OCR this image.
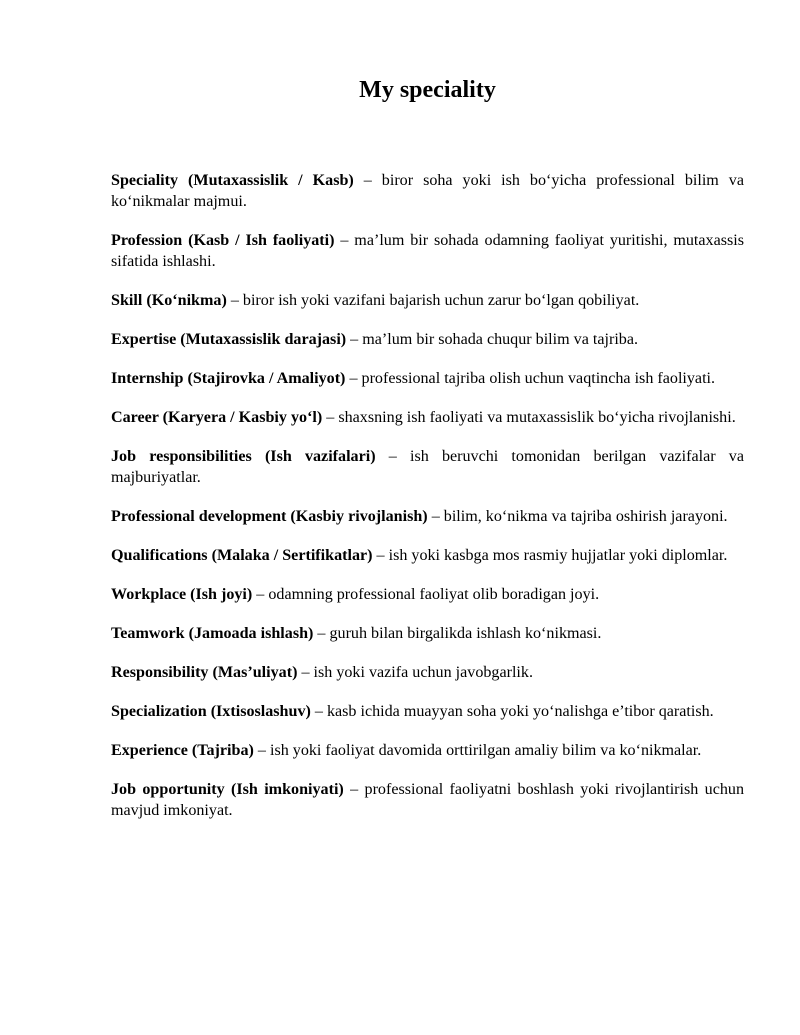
My speciality

Speciality (Mutaxassislik / Kasb) – biror soha yoki ish bo‘yicha professional bilim va ko‘nikmalar majmui.

Profession (Kasb / Ish faoliyati) – ma’lum bir sohada odamning faoliyat yuritishi, mutaxassis sifatida ishlashi.

Skill (Ko‘nikma) – biror ish yoki vazifani bajarish uchun zarur bo‘lgan qobiliyat.

Expertise (Mutaxassislik darajasi) – ma’lum bir sohada chuqur bilim va tajriba.

Internship (Stajirovka / Amaliyot) – professional tajriba olish uchun vaqtincha ish faoliyati.

Career (Karyera / Kasbiy yo‘l) – shaxsning ish faoliyati va mutaxassislik bo‘yicha rivojlanishi.

Job responsibilities (Ish vazifalari) – ish beruvchi tomonidan berilgan vazifalar va majburiyatlar.

Professional development (Kasbiy rivojlanish) – bilim, ko‘nikma va tajriba oshirish jarayoni.

Qualifications (Malaka / Sertifikatlar) – ish yoki kasbga mos rasmiy hujjatlar yoki diplomlar.

Workplace (Ish joyi) – odamning professional faoliyat olib boradigan joyi.

Teamwork (Jamoada ishlash) – guruh bilan birgalikda ishlash ko‘nikmasi.

Responsibility (Mas’uliyat) – ish yoki vazifa uchun javobgarlik.

Specialization (Ixtisoslashuv) – kasb ichida muayyan soha yoki yo‘nalishga e’tibor qaratish.

Experience (Tajriba) – ish yoki faoliyat davomida orttirilgan amaliy bilim va ko‘nikmalar.

Job opportunity (Ish imkoniyati) – professional faoliyatni boshlash yoki rivojlantirish uchun mavjud imkoniyat.
